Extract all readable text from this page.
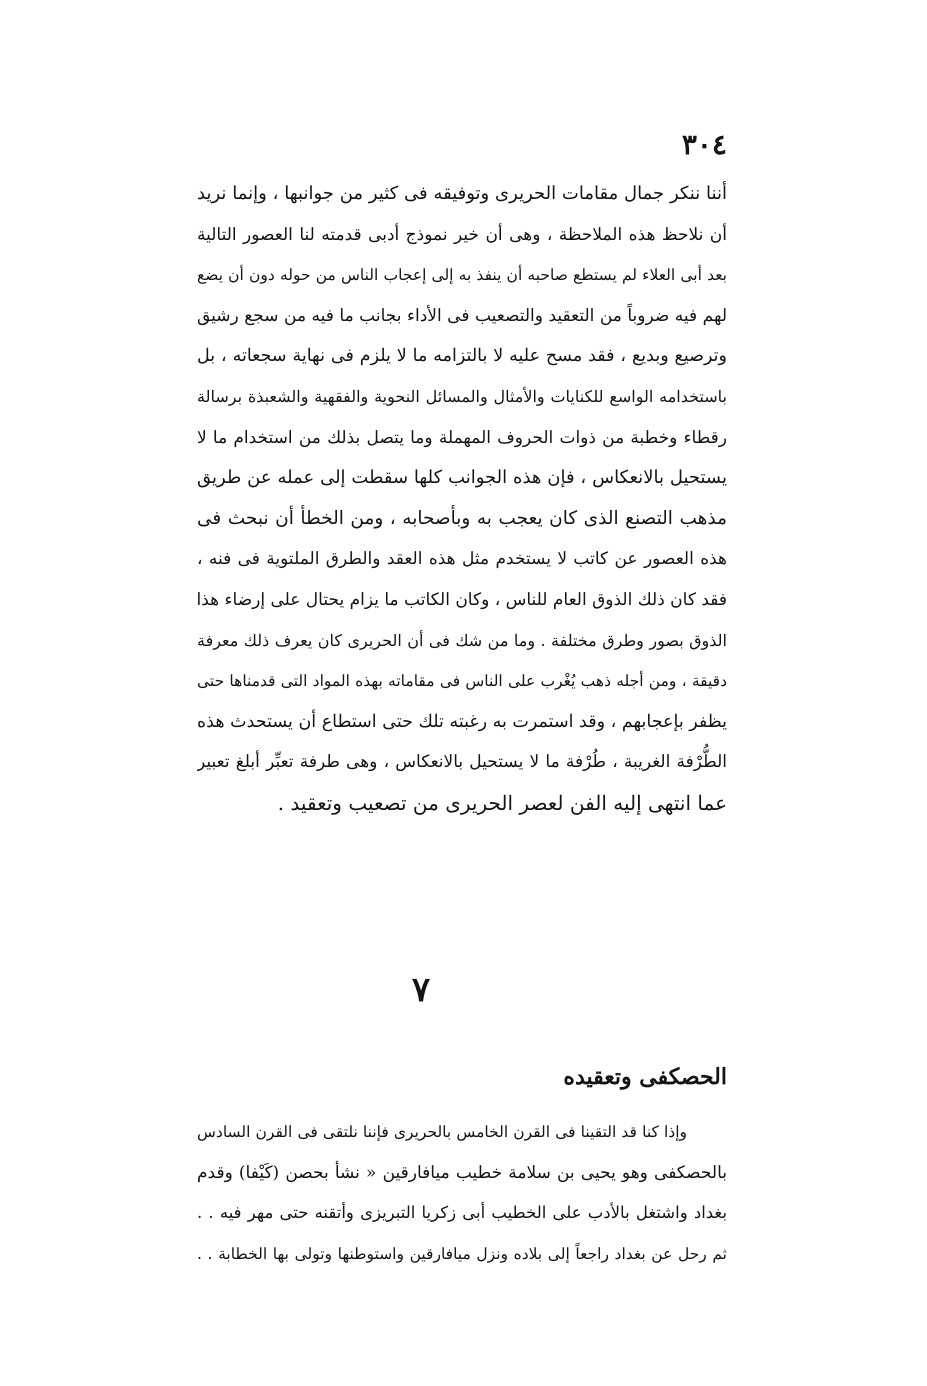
٣٠٤
أننا ننكر جمال مقامات الحريرى وتوفيقه فى كثير من جوانبها ، وإنما نريد
أن نلاحظ هذه الملاحظة ، وهى أن خير نموذج أدبى قدمته لنا العصور التالية
بعد أبى العلاء لم يستطع صاحبه أن ينفذ به إلى إعجاب الناس من حوله دون أن يضع
لهم فيه ضروباً من التعقيد والتصعيب فى الأداء بجانب ما فيه من سجع رشيق
وترصيع وبديع ، فقد مسح عليه لا بالتزامه ما لا يلزم فى نهاية سجعاته ، بل
باستخدامه الواسع للكنايات والأمثال والمسائل النحوية والفقهية والشعبذة برسالة
رقطاء وخطبة من ذوات الحروف المهملة وما يتصل بذلك من استخدام ما لا
يستحيل بالانعكاس ، فإن هذه الجوانب كلها سقطت إلى عمله عن طريق
مذهب التصنع الذى كان يعجب به وبأصحابه ، ومن الخطأ أن نبحث فى
هذه العصور عن كاتب لا يستخدم مثل هذه العقد والطرق الملتوية فى فنه ،
فقد كان ذلك الذوق العام للناس ، وكان الكاتب ما يزام يحتال على إرضاء هذا
الذوق بصور وطرق مختلفة . وما من شك فى أن الحريرى كان يعرف ذلك معرفة
دقيقة ، ومن أجله ذهب يُغْرب على الناس فى مقاماته بهذه المواد التى قدمناها حتى
يظفر بإعجابهم ، وقد استمرت به رغبته تلك حتى استطاع أن يستحدث هذه
الطُّرْفة الغريبة ، طُرْفة ما لا يستحيل بالانعكاس ، وهى طرفة تعبِّر أبلغ تعبير
عما انتهى إليه الفن لعصر الحريرى من تصعيب وتعقيد .
٧
الحصكفى وتعقيده
وإذا كنا قد التقينا فى القرن الخامس بالحريرى فإننا نلتقى فى القرن السادس
بالحصكفى وهو يحيى بن سلامة خطيب ميافارقين « نشأ بحصن (كَيْفا) وقدم
بغداد واشتغل بالأدب على الخطيب أبى زكريا التبريزى وأتقنه حتى مهر فيه . .
ثم رحل عن بغداد راجعاً إلى بلاده ونزل ميافارقين واستوطنها وتولى بها الخطابة . .
